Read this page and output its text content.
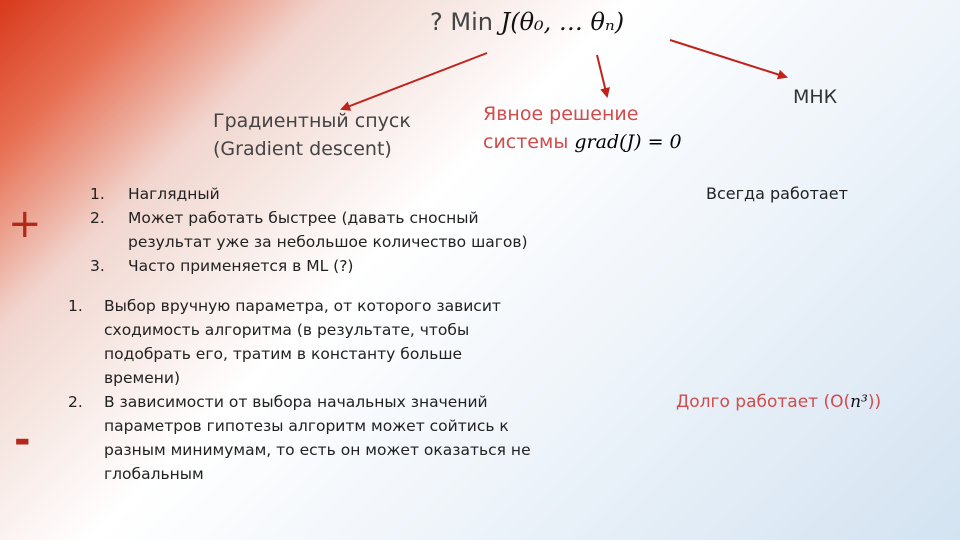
? Min J(θ₀, … θₙ)
Градиентный спуск
(Gradient descent)
Явное решение
системы grad(J) = 0
МНК
+
-
1. Наглядный
2. Может работать быстрее (давать сносный результат уже за небольшое количество шагов)
3. Часто применяется в ML (?)
1. Выбор вручную параметра, от которого зависит сходимость алгоритма (в результате, чтобы подобрать его, тратим в константу больше времени)
2. В зависимости от выбора начальных значений параметров гипотезы алгоритм может сойтись к разным минимумам, то есть он может оказаться не глобальным
Всегда работает
Долго работает (O(n³))
